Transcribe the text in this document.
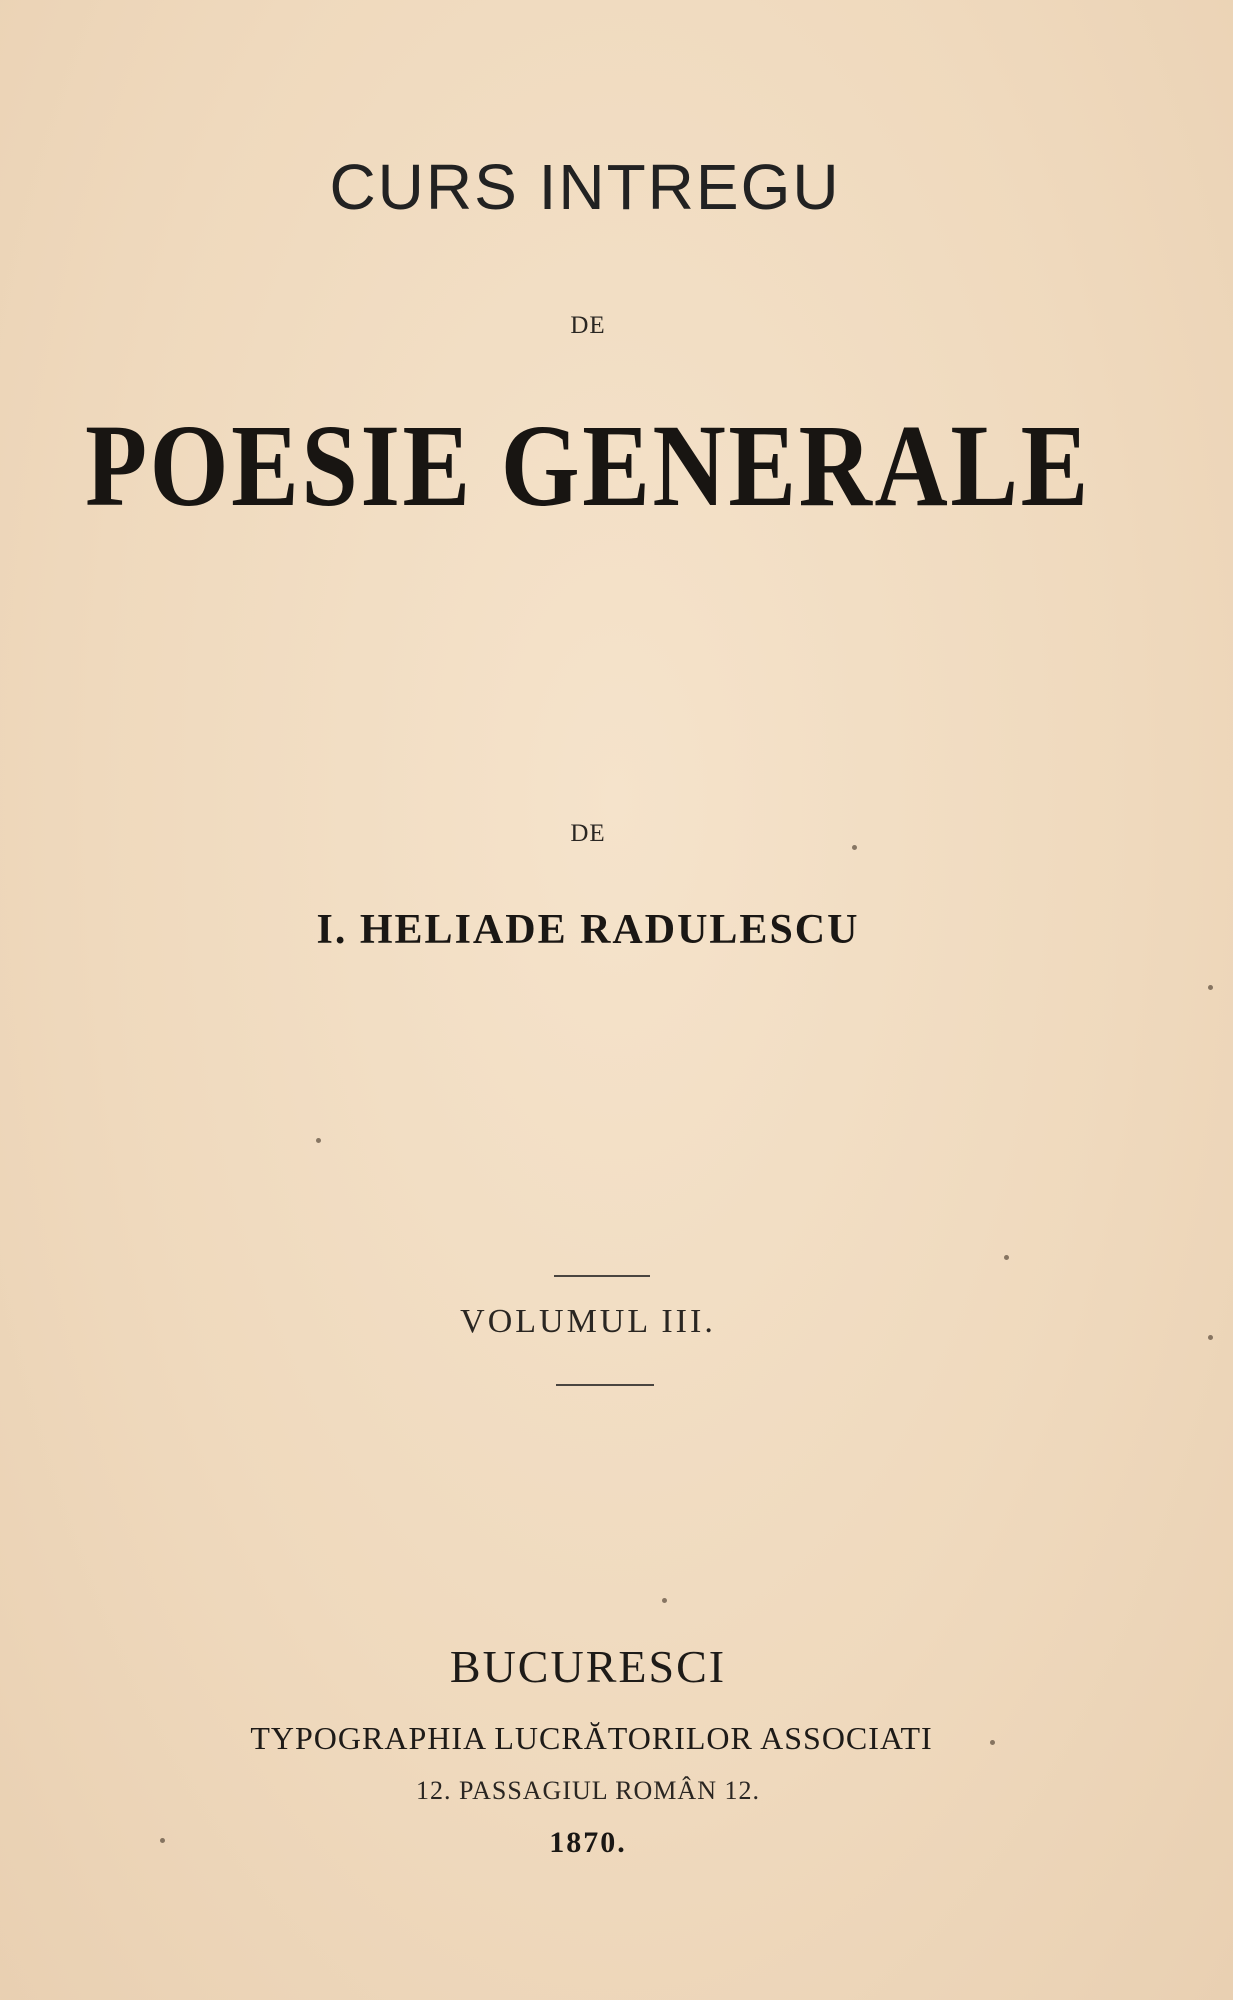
CURS INTREGU
DE
POESIE GENERALE
DE
I. HELIADE RADULESCU
VOLUMUL III.
BUCURESCI
TYPOGRAPHIA LUCRĂTORILOR ASSOCIATI
12. PASSAGIUL ROMÂN 12.
1870.
